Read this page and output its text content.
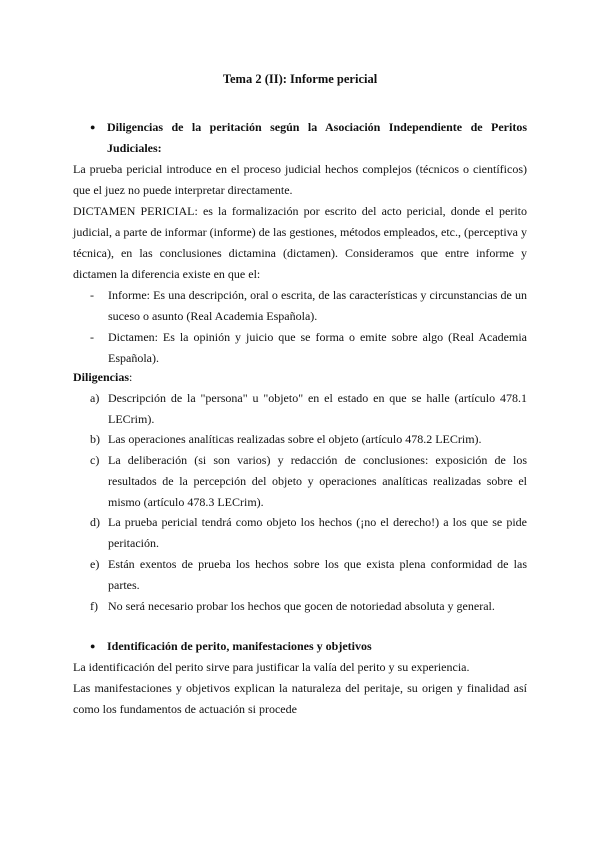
Tema 2 (II): Informe pericial
● Diligencias de la peritación según la Asociación Independiente de Peritos Judiciales:
La prueba pericial introduce en el proceso judicial hechos complejos (técnicos o científicos) que el juez no puede interpretar directamente.
DICTAMEN PERICIAL: es la formalización por escrito del acto pericial, donde el perito judicial, a parte de informar (informe) de las gestiones, métodos empleados, etc., (perceptiva y técnica), en las conclusiones dictamina (dictamen). Consideramos que entre informe y dictamen la diferencia existe en que el:
- Informe: Es una descripción, oral o escrita, de las características y circunstancias de un suceso o asunto (Real Academia Española).
- Dictamen: Es la opinión y juicio que se forma o emite sobre algo (Real Academia Española).
Diligencias:
a) Descripción de la "persona" u "objeto" en el estado en que se halle (artículo 478.1 LECrim).
b) Las operaciones analíticas realizadas sobre el objeto (artículo 478.2 LECrim).
c) La deliberación (si son varios) y redacción de conclusiones: exposición de los resultados de la percepción del objeto y operaciones analíticas realizadas sobre el mismo (artículo 478.3 LECrim).
d) La prueba pericial tendrá como objeto los hechos (¡no el derecho!) a los que se pide peritación.
e) Están exentos de prueba los hechos sobre los que exista plena conformidad de las partes.
f) No será necesario probar los hechos que gocen de notoriedad absoluta y general.
● Identificación de perito, manifestaciones y objetivos
La identificación del perito sirve para justificar la valía del perito y su experiencia.
Las manifestaciones y objetivos explican la naturaleza del peritaje, su origen y finalidad así como los fundamentos de actuación si procede
